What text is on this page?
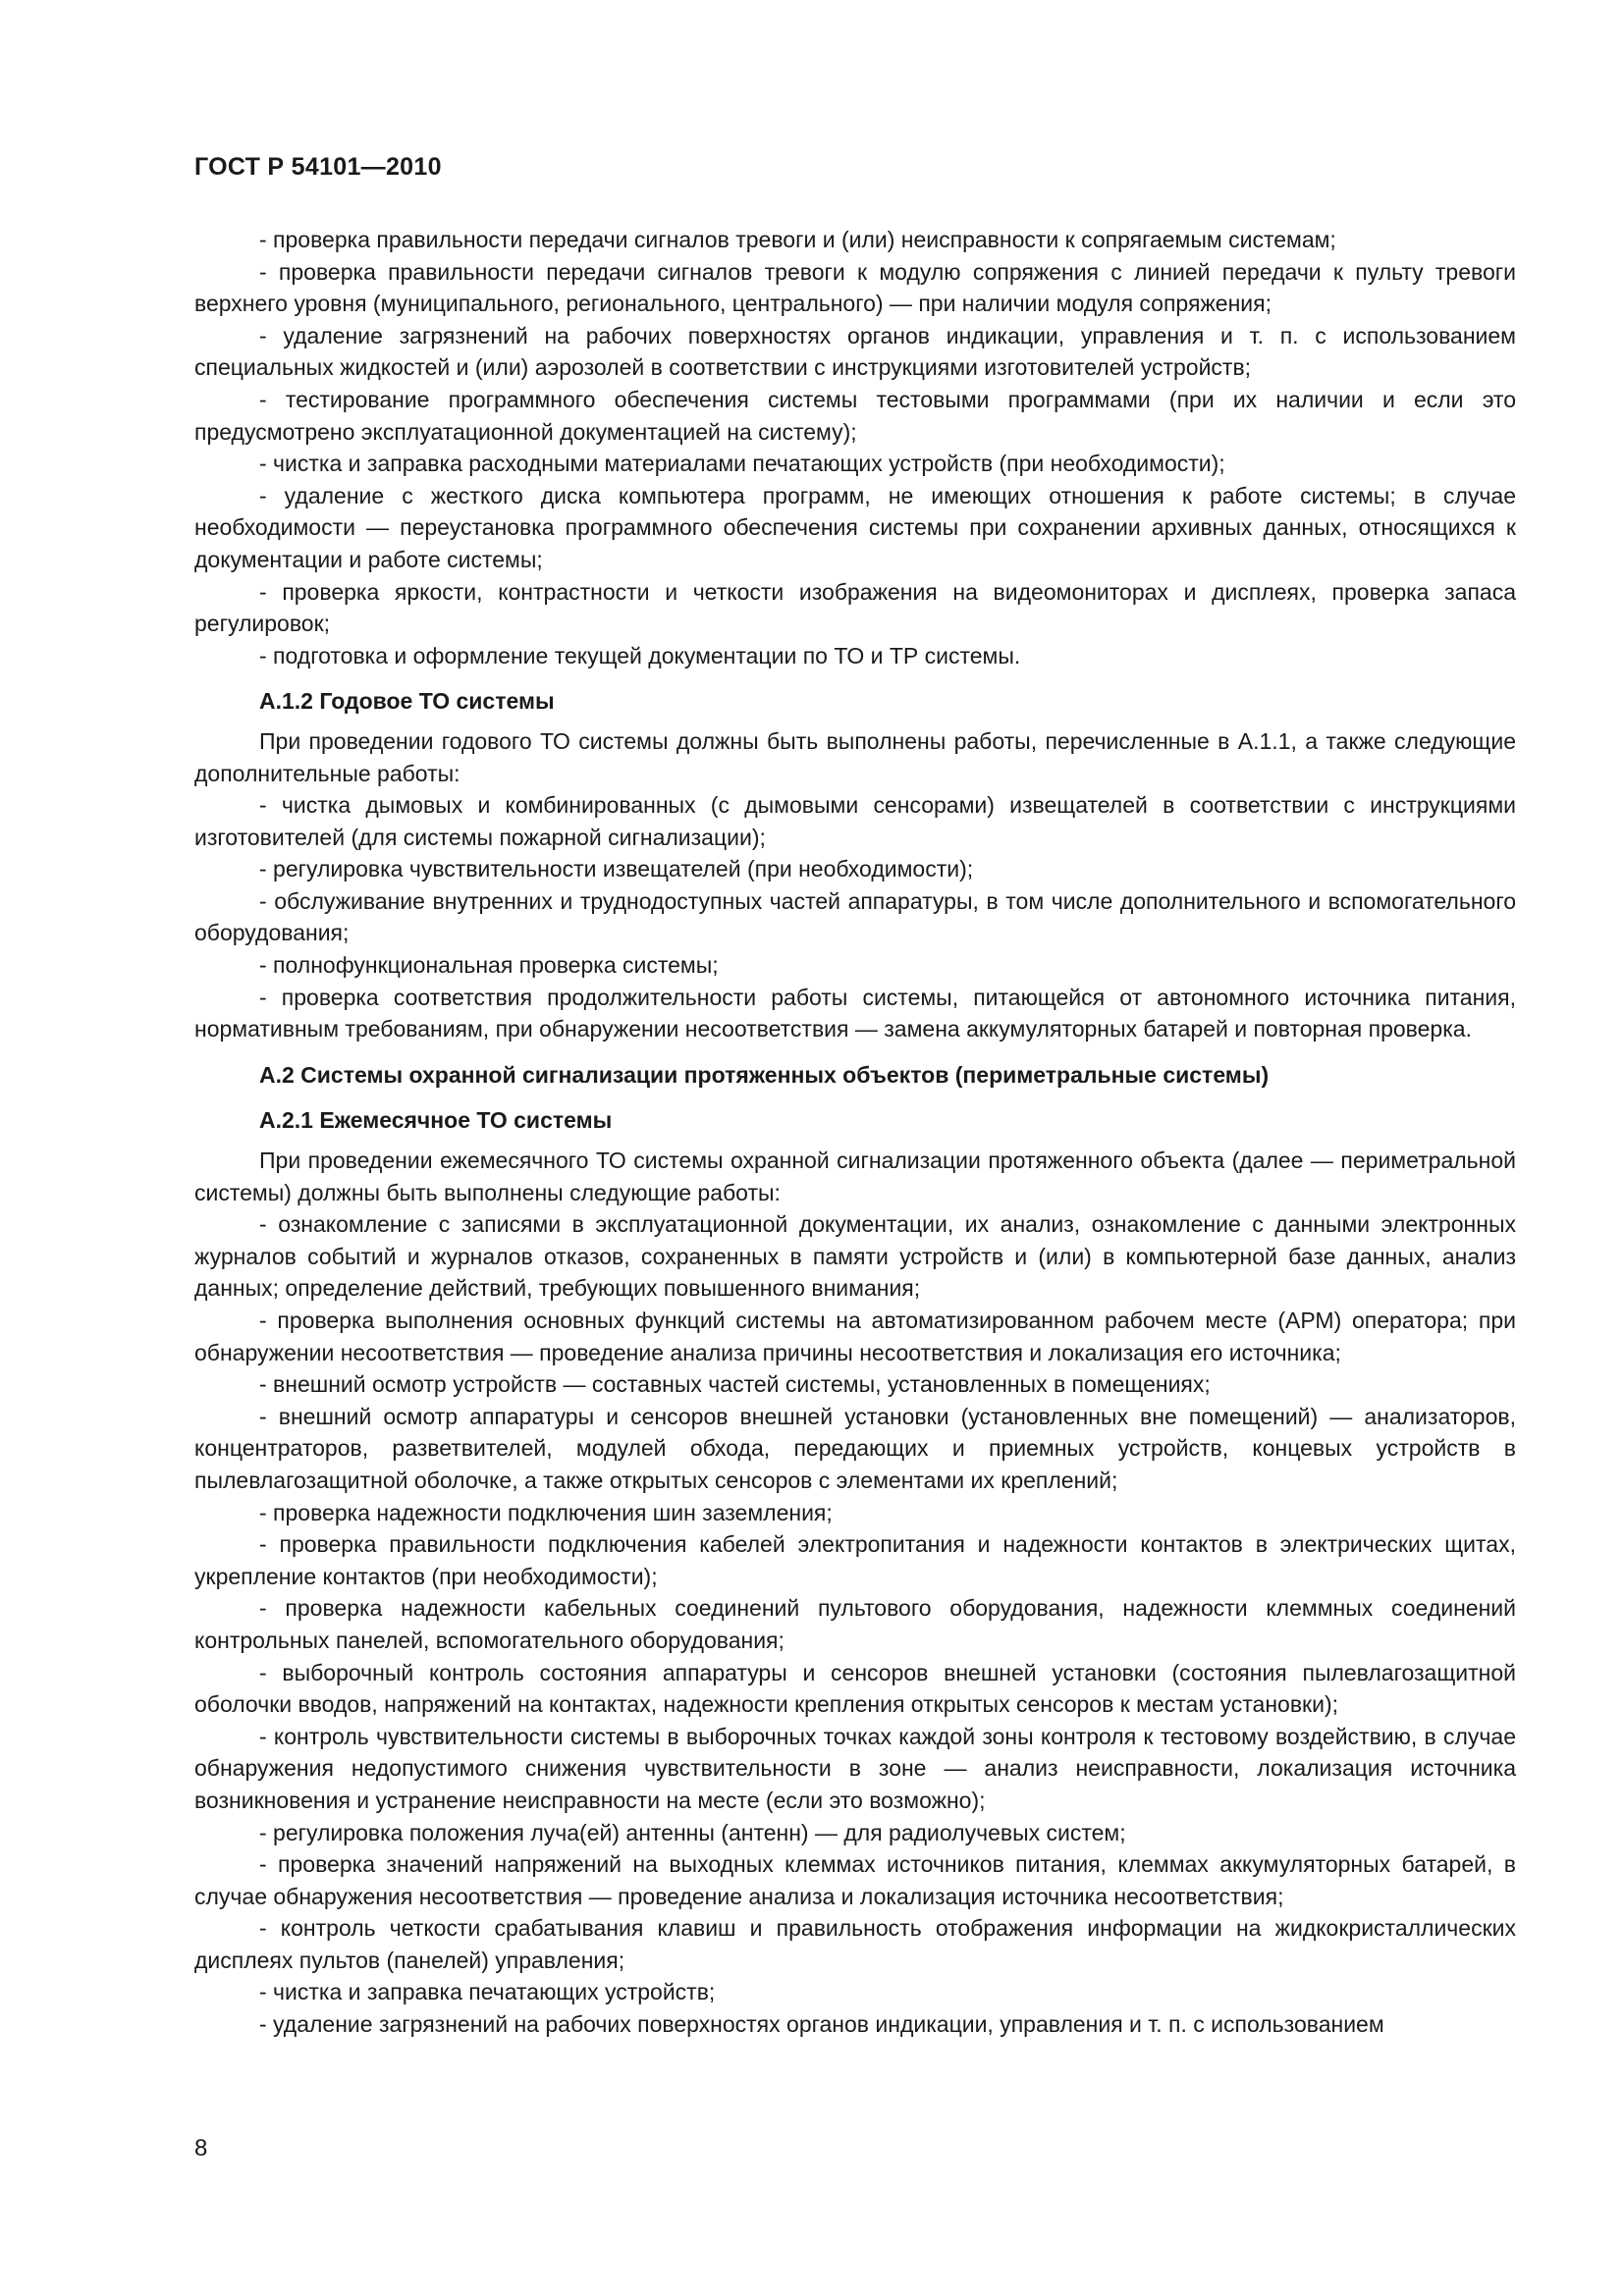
ГОСТ Р 54101—2010

- проверка правильности передачи сигналов тревоги и (или) неисправности к сопрягаемым системам;

- проверка правильности передачи сигналов тревоги к модулю сопряжения с линией передачи к пульту тревоги верхнего уровня (муниципального, регионального, центрального) — при наличии модуля сопряжения;

- удаление загрязнений на рабочих поверхностях органов индикации, управления и т. п. с использованием специальных жидкостей и (или) аэрозолей в соответствии с инструкциями изготовителей устройств;

- тестирование программного обеспечения системы тестовыми программами (при их наличии и если это предусмотрено эксплуатационной документацией на систему);

- чистка и заправка расходными материалами печатающих устройств (при необходимости);

- удаление с жесткого диска компьютера программ, не имеющих отношения к работе системы; в случае необходимости — переустановка программного обеспечения системы при сохранении архивных данных, относящихся к документации и работе системы;

- проверка яркости, контрастности и четкости изображения на видеомониторах и дисплеях, проверка запаса регулировок;

- подготовка и оформление текущей документации по ТО и ТР системы.

А.1.2 Годовое ТО системы

При проведении годового ТО системы должны быть выполнены работы, перечисленные в А.1.1, а также следующие дополнительные работы:

- чистка дымовых и комбинированных (с дымовыми сенсорами) извещателей в соответствии с инструкциями изготовителей (для системы пожарной сигнализации);

- регулировка чувствительности извещателей (при необходимости);

- обслуживание внутренних и труднодоступных частей аппаратуры, в том числе дополнительного и вспомогательного оборудования;

- полнофункциональная проверка системы;

- проверка соответствия продолжительности работы системы, питающейся от автономного источника питания, нормативным требованиям, при обнаружении несоответствия — замена аккумуляторных батарей и повторная проверка.

А.2 Системы охранной сигнализации протяженных объектов (периметральные системы)
А.2.1 Ежемесячное ТО системы

При проведении ежемесячного ТО системы охранной сигнализации протяженного объекта (далее — периметральной системы) должны быть выполнены следующие работы:

- ознакомление с записями в эксплуатационной документации, их анализ, ознакомление с данными электронных журналов событий и журналов отказов, сохраненных в памяти устройств и (или) в компьютерной базе данных, анализ данных; определение действий, требующих повышенного внимания;

- проверка выполнения основных функций системы на автоматизированном рабочем месте (АРМ) оператора; при обнаружении несоответствия — проведение анализа причины несоответствия и локализация его источника;

- внешний осмотр устройств — составных частей системы, установленных в помещениях;

- внешний осмотр аппаратуры и сенсоров внешней установки (установленных вне помещений) — анализаторов, концентраторов, разветвителей, модулей обхода, передающих и приемных устройств, концевых устройств в пылевлагозащитной оболочке, а также открытых сенсоров с элементами их креплений;

- проверка надежности подключения шин заземления;

- проверка правильности подключения кабелей электропитания и надежности контактов в электрических щитах, укрепление контактов (при необходимости);

- проверка надежности кабельных соединений пультового оборудования, надежности клеммных соединений контрольных панелей, вспомогательного оборудования;

- выборочный контроль состояния аппаратуры и сенсоров внешней установки (состояния пылевлагозащитной оболочки вводов, напряжений на контактах, надежности крепления открытых сенсоров к местам установки);

- контроль чувствительности системы в выборочных точках каждой зоны контроля к тестовому воздействию, в случае обнаружения недопустимого снижения чувствительности в зоне — анализ неисправности, локализация источника возникновения и устранение неисправности на месте (если это возможно);

- регулировка положения луча(ей) антенны (антенн) — для радиолучевых систем;

- проверка значений напряжений на выходных клеммах источников питания, клеммах аккумуляторных батарей, в случае обнаружения несоответствия — проведение анализа и локализация источника несоответствия;

- контроль четкости срабатывания клавиш и правильность отображения информации на жидкокристаллических дисплеях пультов (панелей) управления;

- чистка и заправка печатающих устройств;

- удаление загрязнений на рабочих поверхностях органов индикации, управления и т. п. с использованием

8
